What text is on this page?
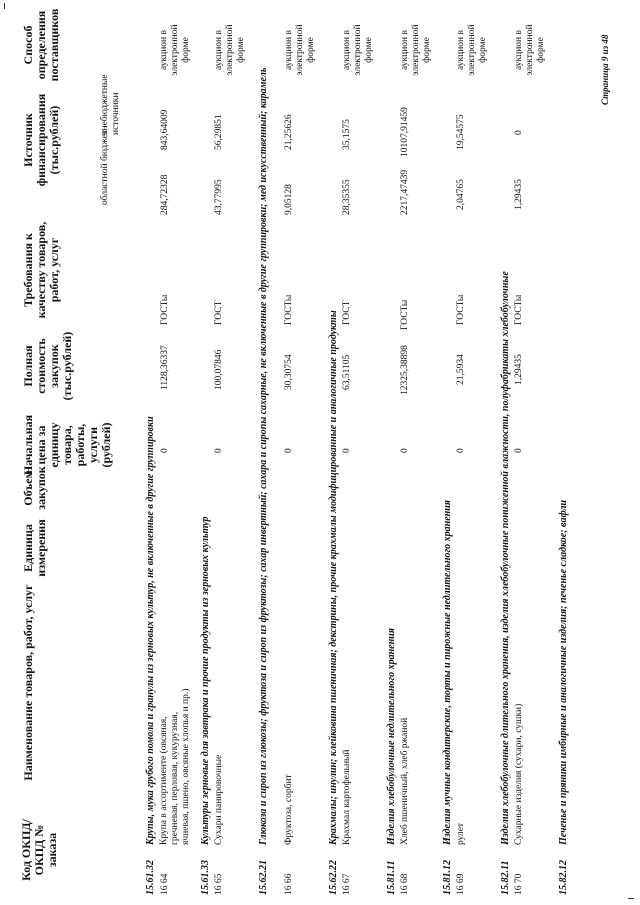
Код ОКПД/ ОКПД № заказа
Наименование товаров, работ, услуг
Единица измерения
Объем закупок
Начальная цена за единицу товара, работы, услуги (рублей)
Полная стоимость закупок (тыс.рублей)
Требования к качеству товаров, работ, услуг
Источник финансирования (тыс.рублей)
Способ определения поставщиков
областной бюджет
внебюджетные источники
15.61.32
Крупы, мука грубого помола и гранулы из зерновых культур, не включенные в другие группировки
16 64
Крупа в ассортименте (овсяная, гречневая, перловая, кукурузная, ячневая, пшено, овсяные хлопья и пр.)
0
1128,36337
ГОСТы
284,72328
843,64009
аукцион в электронной форме
15.61.33
Культуры зерновые для завтрака и прочие продукты из зерновых культур
16 65
Сухари панировочные
0
100,07846
ГОСТ
43,77995
56,29851
аукцион в электронной форме
15.62.21
Глюкоза и сироп из глюкозы; фруктоза и сироп из фруктозы; сахар инвертный; сахара и сиропы сахарные, не включенные в другие группировки; мед искусственный; карамель
16 66
Фруктоза, сорбит
0
30,30754
ГОСТы
9,05128
21,25626
аукцион в электронной форме
15.62.22
Крахмалы; инулин; клейковина пшеничная; декстрины, прочие крахмалы модифицированные и аналогичные продукты
16 67
Крахмал картофельный
0
63,51105
ГОСТ
28,35355
35,1575
аукцион в электронной форме
15.81.11
Изделия хлебобулочные недлительного хранения
16 68
Хлеб пшеничный, хлеб ржаной
0
12325,38898
ГОСТы
2217,47439
10107,91459
аукцион в электронной форме
15.81.12
Изделия мучные кондитерские, торты и пирожные недлительного хранения
16 69
рулет
0
21,5934
ГОСТы
2,04765
19,54575
аукцион в электронной форме
15.82.11
Изделия хлебобулочные длительного хранения, изделия хлебобулочные пониженной влажности, полуфабрикаты хлебобулочные
16 70
Сухарные изделия (сухари, сушки)
0
1,29435
ГОСТы
1,29435
0
аукцион в электронной форме
15.82.12
Печенье и пряники имбирные и аналогичные изделия; печенье сладкое; вафли
Страница 9 из 48
